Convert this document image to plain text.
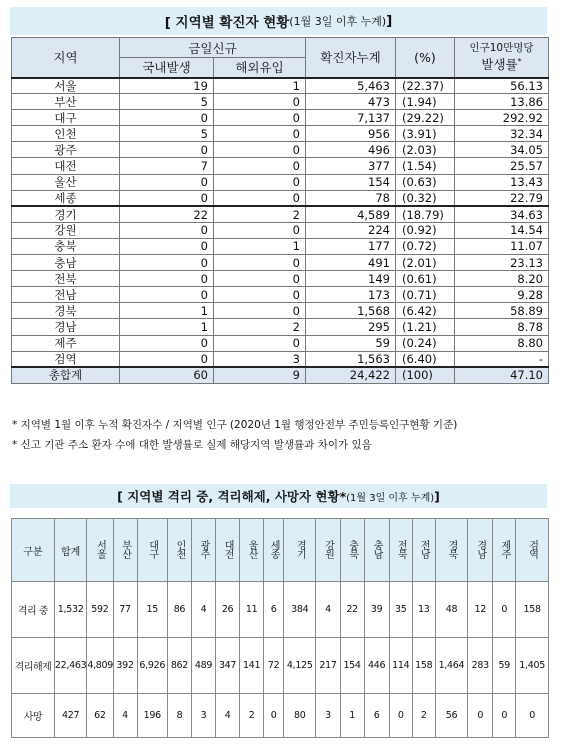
[ 지역별 확진자 현황 (1월 3일 이후 누계) ]
지역	금일신규		확진자누계	(%)	인구10만명당
발생률*

	국내발생	해외유입			
서울	19	1	5,463	(22.37)	56.13
부산	5	0	473	(1.94)	13.86
대구	0	0	7,137	(29.22)	292.92
인천	5	0	956	(3.91)	32.34
광주	0	0	496	(2.03)	34.05
대전	7	0	377	(1.54)	25.57
울산	0	0	154	(0.63)	13.43
세종	0	0	78	(0.32)	22.79
경기	22	2	4,589	(18.79)	34.63
강원	0	0	224	(0.92)	14.54
충북	0	1	177	(0.72)	11.07
충남	0	0	491	(2.01)	23.13
전북	0	0	149	(0.61)	8.20
전남	0	0	173	(0.71)	9.28
경북	1	0	1,568	(6.42)	58.89
경남	1	2	295	(1.21)	8.78
제주	0	0	59	(0.24)	8.80
검역	0	3	1,563	(6.40)	-
총합계	60	9	24,422	(100)	47.10
* 지역별 1월 이후 누적 확진자수 / 지역별 인구 (2020년 1월 행정안전부 주민등록인구현황 기준)
* 신고 기관 주소 환자 수에 대한 발생률로 실제 해당지역 발생률과 차이가 있음
[ 지역별 격리 중, 격리해제, 사망자 현황* (1월 3일 이후 누계) ]
구분	합계	서울	부산	대구	인천	광주	대전	울산	세종	경기	강원	충북	충남	전북	전남	경북	경남	제주	검역
격리 중	1,532	592	77	15	86	4	26	11	6	384	4	22	39	35	13	48	12	0	158
격리해제	22,463	4,809	392	6,926	862	489	347	141	72	4,125	217	154	446	114	158	1,464	283	59	1,405
사망	427	62	4	196	8	3	4	2	0	80	3	1	6	0	2	56	0	0	0
